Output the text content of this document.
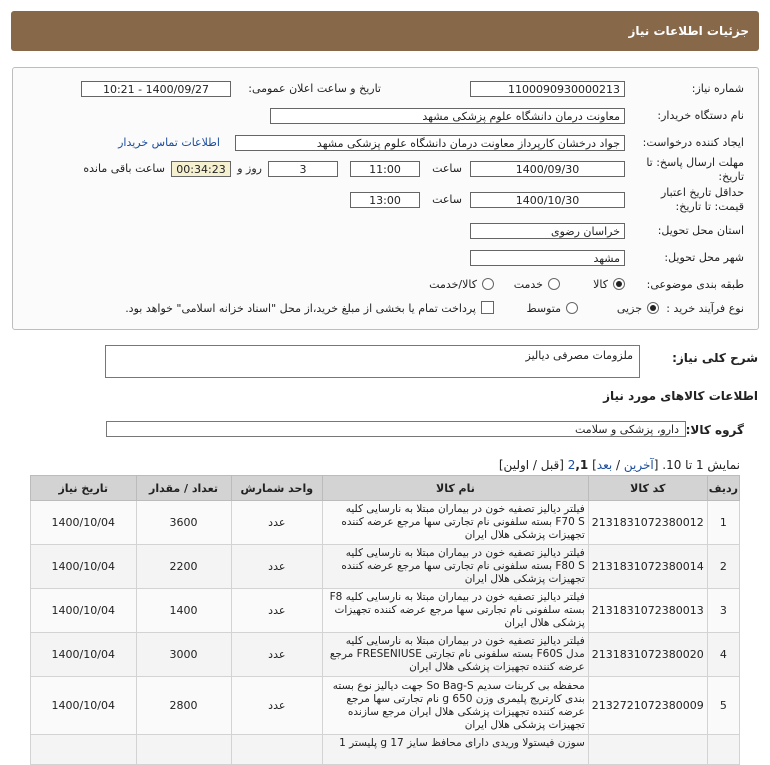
جزئیات اطلاعات نیاز
شماره نیاز:
1100090930000213
تاریخ و ساعت اعلان عمومی:
1400/09/27 - 10:21
نام دستگاه خریدار:
معاونت درمان دانشگاه علوم پزشکی مشهد
ایجاد کننده درخواست:
جواد درخشان کارپرداز معاونت درمان دانشگاه علوم پزشکی مشهد
اطلاعات تماس خریدار
مهلت ارسال پاسخ: تا تاریخ:
1400/09/30
ساعت
11:00
3
روز و
00:34:23
ساعت باقی مانده
حداقل تاریخ اعتبار قیمت: تا تاریخ:
1400/10/30
ساعت
13:00
استان محل تحویل:
خراسان رضوی
شهر محل تحویل:
مشهد
طبقه بندی موضوعی:
کالا
خدمت
کالا/خدمت
نوع فرآیند خرید :
جزیی
متوسط
پرداخت تمام یا بخشی از مبلغ خرید،از محل "اسناد خزانه اسلامی" خواهد بود.
شرح کلی نیاز:
ملزومات مصرفی دیالیز
اطلاعات کالاهای مورد نیاز
گروه کالا:
دارو، پزشکی و سلامت
نمایش 1 تا 10. [آخرین / بعد] 2,1 [قبل / اولین]
ردیف	کد کالا	نام کالا	واحد شمارش	تعداد / مقدار	تاریخ نیاز
1	2131831072380012	فیلتر دیالیز تصفیه خون در بیماران مبتلا به نارسایی کلیه F70 S بسته سلفونی نام تجارتی سها مرجع عرضه کننده تجهیزات پزشکی هلال ایران	عدد	3600	1400/10/04
2	2131831072380014	فیلتر دیالیز تصفیه خون در بیماران مبتلا به نارسایی کلیه F80 S بسته سلفونی نام تجارتی سها مرجع عرضه کننده تجهیزات پزشکی هلال ایران	عدد	2200	1400/10/04
3	2131831072380013	فیلتر دیالیز تصفیه خون در بیماران مبتلا به نارسایی کلیه F8 بسته سلفونی نام تجارتی سها مرجع عرضه کننده تجهیزات پزشکی هلال ایران	عدد	1400	1400/10/04
4	2131831072380020	فیلتر دیالیز تصفیه خون در بیماران مبتلا به نارسایی کلیه مدل F60S بسته سلفونی نام تجارتی FRESENIUSE مرجع عرضه کننده تجهیزات پزشکی هلال ایران	عدد	3000	1400/10/04
5	2132721072380009	محفظه بی کربنات سدیم So Bag-S جهت دیالیز نوع بسته بندی کارتریج پلیمری وزن 650 g نام تجارتی سها مرجع عرضه کننده تجهیزات پزشکی هلال ایران مرجع سازنده تجهیزات پزشکی هلال ایران	عدد	2800	1400/10/04
		سوزن فیستولا وریدی دارای محافظ سایز 17 g پلیستر 1			
